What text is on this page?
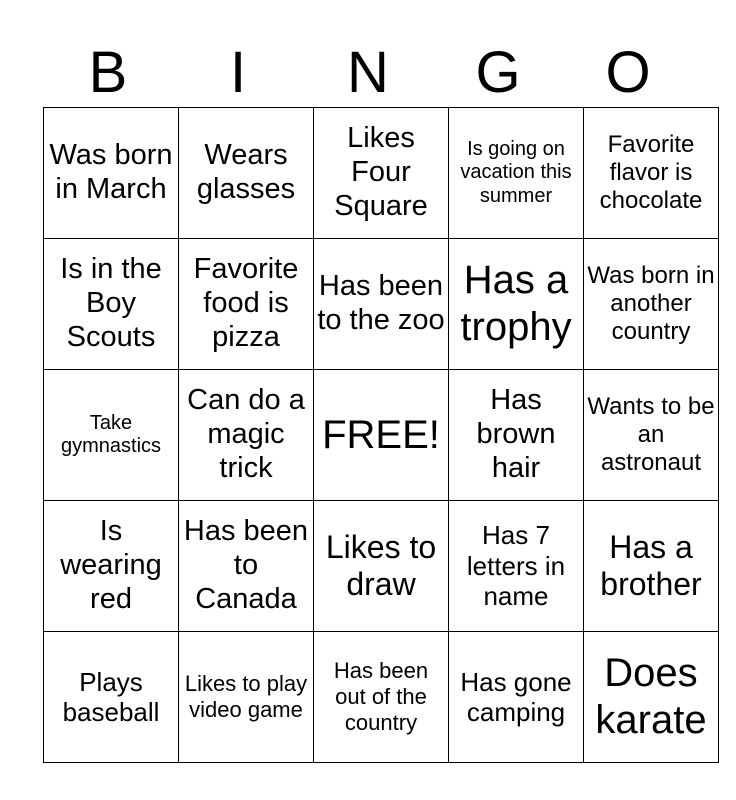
B	I	N	G	O
Was born in March	Wears glasses	Likes Four Square	Is going on vacation this summer	Favorite flavor is chocolate
Is in the Boy Scouts	Favorite food is pizza	Has been to the zoo	Has a trophy	Was born in another country
Take gymnastics	Can do a magic trick	FREE!	Has brown hair	Wants to be an astronaut
Is wearing red	Has been to Canada	Likes to draw	Has 7 letters in name	Has a brother
Plays baseball	Likes to play video game	Has been out of the country	Has gone camping	Does karate
